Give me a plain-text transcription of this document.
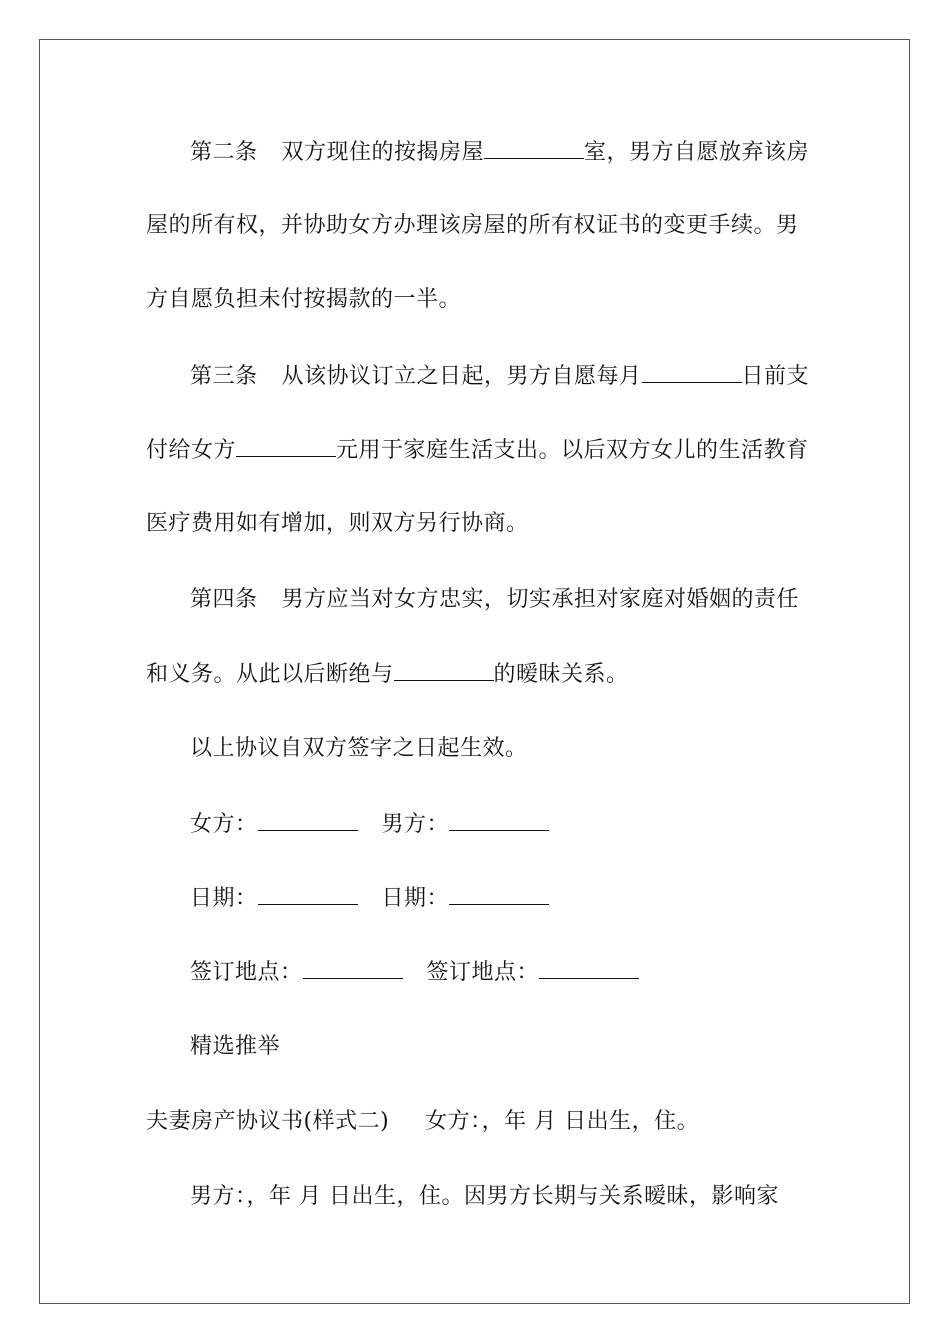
第二条 双方现住的按揭房屋	室，男方自愿放弃该房
屋的所有权，并协助女方办理该房屋的所有权证书的变更手续。男
方自愿负担未付按揭款的一半。
第三条 从该协议订立之日起，男方自愿每月	日前支
付给女方	元用于家庭生活支出。以后双方女儿的生活教育
医疗费用如有增加，则双方另行协商。
第四条 男方应当对女方忠实，切实承担对家庭对婚姻的责任
和义务。从此以后断绝与	的暧昧关系。
以上协议自双方签字之日起生效。
女方：	男方：
日期：	日期：
签订地点：	签订地点：
精选推举
夫妻房产协议书(样式二) 女方：，年 月 日出生，住。
男方：，年 月 日出生，住。因男方长期与关系暧昧，影响家
